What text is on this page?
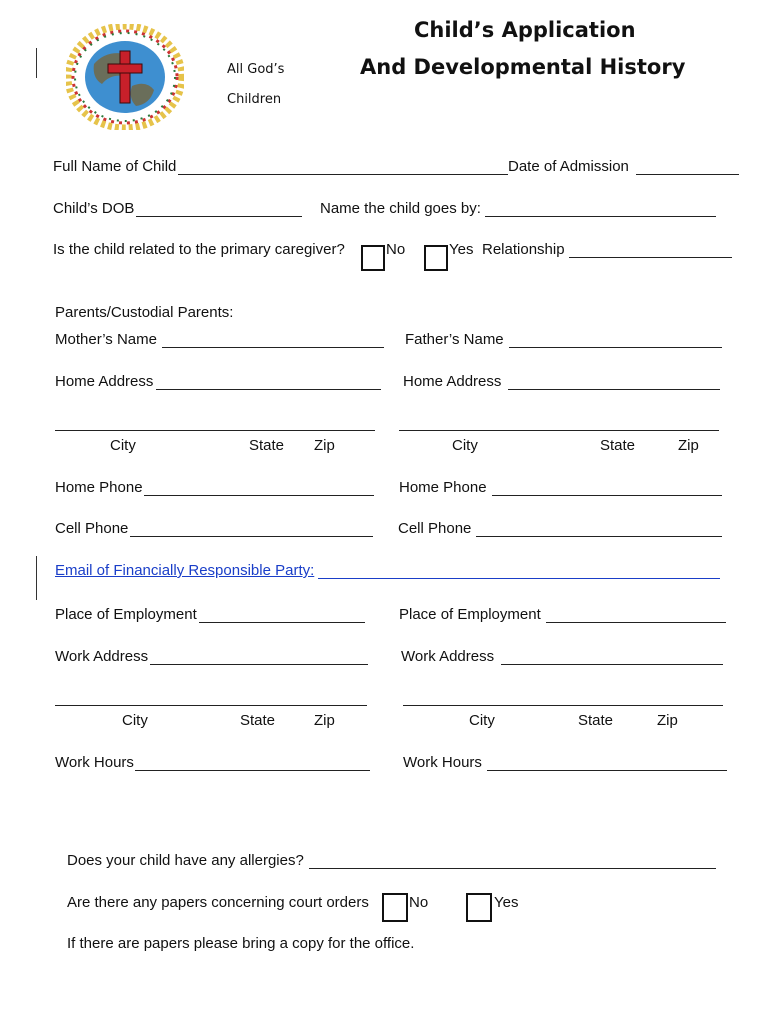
All God’s
Children
Child’s Application
And Developmental History
Full Name of Child	Date of Admission
Child’s DOB	Name the child goes by:
Is the child related to the primary caregiver?	No	Yes Relationship
Parents/Custodial Parents:
Mother’s Name	Father’s Name
Home Address	Home Address
City	State Zip	City	State	Zip
Home Phone	Home Phone
Cell Phone	Cell Phone
Email of Financially Responsible Party:
Place of Employment	Place of Employment
Work Address	Work Address
City	State	Zip	City	State	Zip
Work Hours	Work Hours
Does your child have any allergies?
Are there any papers concerning court orders	No	Yes
If there are papers please bring a copy for the office.
